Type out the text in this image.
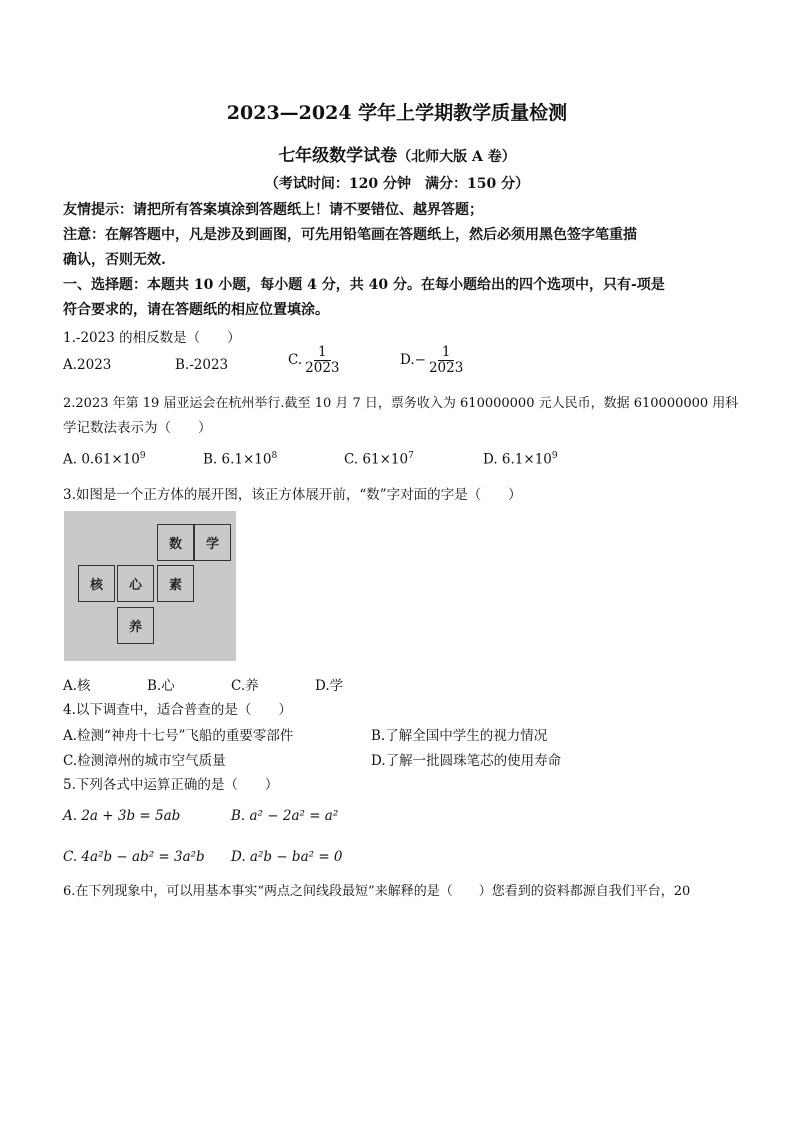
2023—2024 学年上学期教学质量检测
七年级数学试卷（北师大版 A 卷）
（考试时间：120 分钟　满分：150 分）
友情提示：请把所有答案填涂到答题纸上！请不要错位、越界答题；
注意：在解答题中，凡是涉及到画图，可先用铅笔画在答题纸上，然后必须用黑色签字笔重描
确认，否则无效.
一、选择题：本题共 10 小题，每小题 4 分，共 40 分。在每小题给出的四个选项中，只有-项是
符合要求的，请在答题纸的相应位置填涂。
1.-2023 的相反数是（　　）
A.2023	B.-2023	C. $\frac{1}{2023}$	$D.- \frac{1}{2023}$
2.2023 年第 19 届亚运会在杭州举行.截至 10 月 7 日，票务收入为 610000000 元人民币，数据 610000000 用科
学记数法表示为（　　）
A. $0.61\times 10^9$	B. $6.1\times 10^8$	C. $61\times 10^7$	D. $6.1\times 10^9$
3.如图是一个正方体的展开图，该正方体展开前，“数”字对面的字是（　　）
数	学
核	心	素
养
A.核	B.心	C.养	D.学
4.以下调查中，适合普查的是（　　）
A.检测“神舟十七号”飞船的重要零部件	B.了解全国中学生的视力情况
C.检测漳州的城市空气质量	D.了解一批圆珠笔芯的使用寿命
5.下列各式中运算正确的是（　　）
A. 2a + 3b = 5ab	B. a² − 2a² = a²
C. 4a²b − ab² = 3a²b D. a²b − ba² = 0
6.在下列现象中，可以用基本事实“两点之间线段最短”来解释的是（　　）您看到的资料都源自我们平台，20
